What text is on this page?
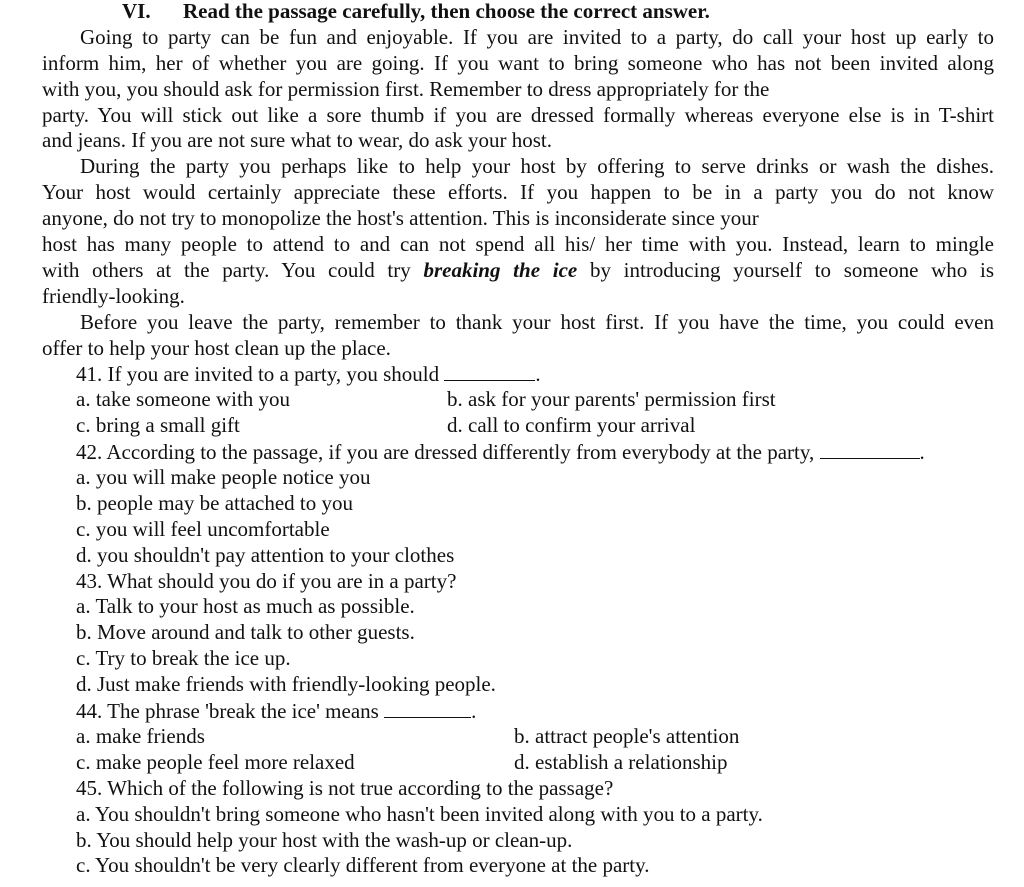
VI. Read the passage carefully, then choose the correct answer.
Going to party can be fun and enjoyable. If you are invited to a party, do call your host up early to
inform him, her of whether you are going. If you want to bring someone who has not been invited along
with you, you should ask for permission first. Remember to dress appropriately for the
party. You will stick out like a sore thumb if you are dressed formally whereas everyone else is in T-shirt
and jeans. If you are not sure what to wear, do ask your host.
During the party you perhaps like to help your host by offering to serve drinks or wash the dishes.
Your host would certainly appreciate these efforts. If you happen to be in a party you do not know
anyone, do not try to monopolize the host's attention. This is inconsiderate since your
host has many people to attend to and can not spend all his/ her time with you. Instead, learn to mingle
with others at the party. You could try breaking the ice by introducing yourself to someone who is
friendly-looking.
Before you leave the party, remember to thank your host first. If you have the time, you could even
offer to help your host clean up the place.
41. If you are invited to a party, you should	.
a. take someone with you	b. ask for your parents' permission first
c. bring a small gift	d. call to confirm your arrival
42. According to the passage, if you are dressed differently from everybody at the party,	.
a. you will make people notice you
b. people may be attached to you
c. you will feel uncomfortable
d. you shouldn't pay attention to your clothes
43. What should you do if you are in a party?
a. Talk to your host as much as possible.
b. Move around and talk to other guests.
c. Try to break the ice up.
d. Just make friends with friendly-looking people.
44. The phrase 'break the ice' means	.
a. make friends	b. attract people's attention
c. make people feel more relaxed	d. establish a relationship
45. Which of the following is not true according to the passage?
a. You shouldn't bring someone who hasn't been invited along with you to a party.
b. You should help your host with the wash-up or clean-up.
c. You shouldn't be very clearly different from everyone at the party.
